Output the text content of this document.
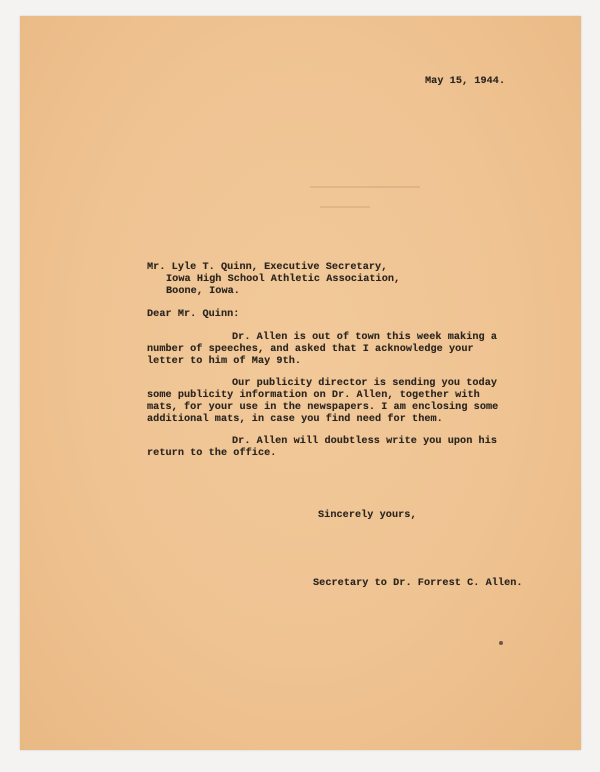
May 15, 1944.
Mr. Lyle T. Quinn, Executive Secretary,
Iowa High School Athletic Association,
Boone, Iowa.
Dear Mr. Quinn:
Dr. Allen is out of town this week making a
number of speeches, and asked that I acknowledge your
letter to him of May 9th.
Our publicity director is sending you today
some publicity information on Dr. Allen, together with
mats, for your use in the newspapers. I am enclosing some
additional mats, in case you find need for them.
Dr. Allen will doubtless write you upon his
return to the office.
Sincerely yours,
Secretary to Dr. Forrest C. Allen.
